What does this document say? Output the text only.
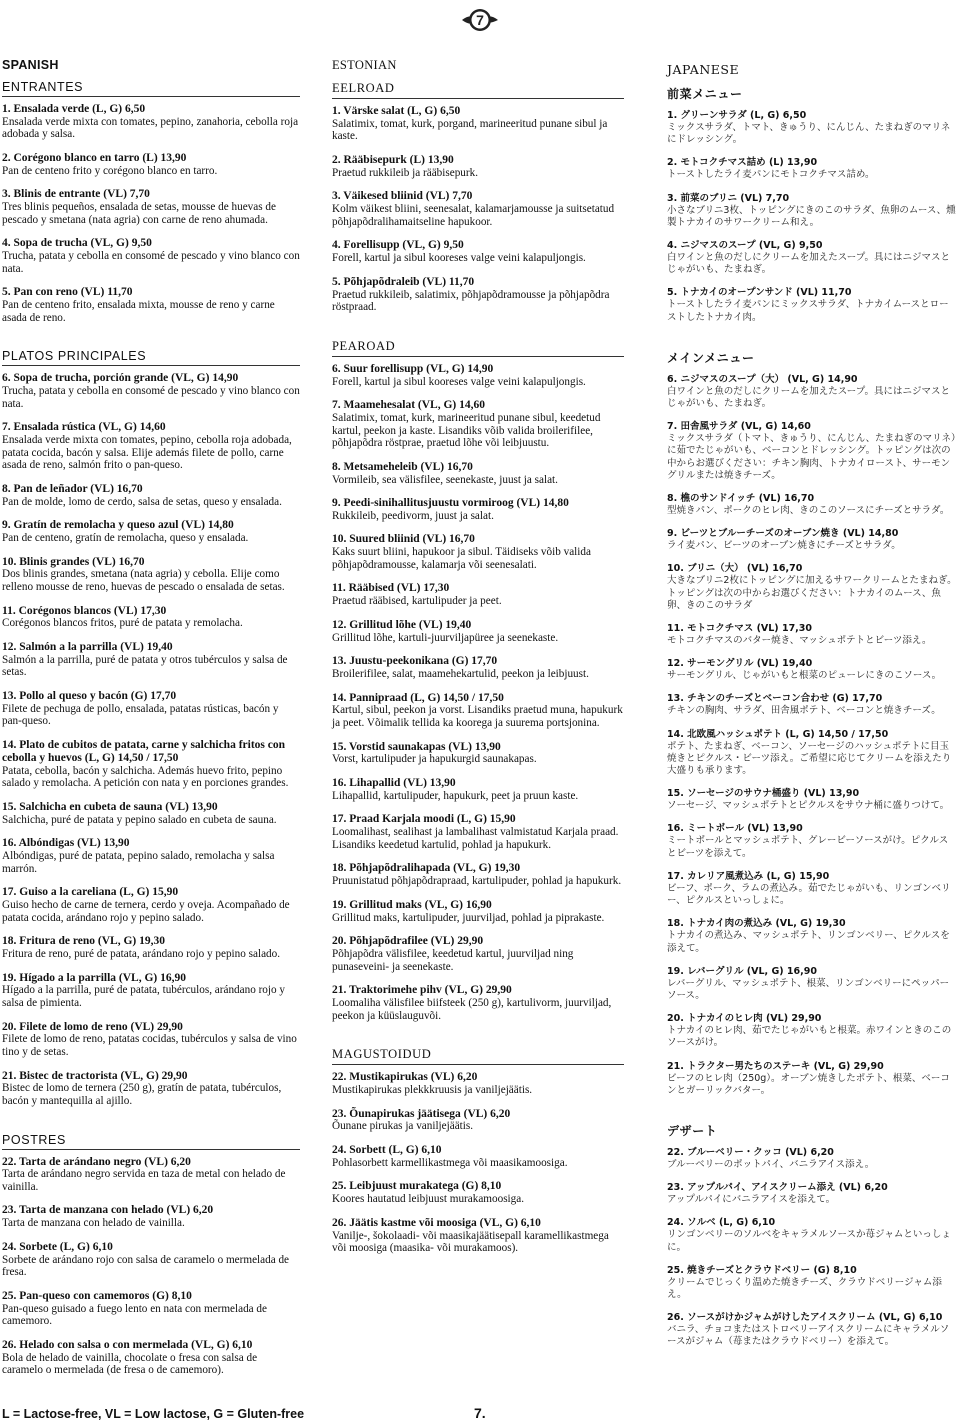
7
SPANISH
ENTRANTES
1. Ensalada verde (L, G) 6,50
Ensalada verde mixta con tomates, pepino, zanahoria, cebolla roja adobada y salsa.
2. Corégono blanco en tarro (L) 13,90
Pan de centeno frito y corégono blanco en tarro.
3. Blinis de entrante (VL) 7,70
Tres blinis pequeños, ensalada de setas, mousse de huevas de pescado y smetana (nata agria) con carne de reno ahumada.
4. Sopa de trucha (VL, G) 9,50
Trucha, patata y cebolla en consomé de pescado y vino blanco con nata.
5. Pan con reno (VL) 11,70
Pan de centeno frito, ensalada mixta, mousse de reno y carne asada de reno.
PLATOS PRINCIPALES
6. Sopa de trucha, porción grande (VL, G) 14,90
Trucha, patata y cebolla en consomé de pescado y vino blanco con nata.
7. Ensalada rústica (VL, G) 14,60
Ensalada verde mixta con tomates, pepino, cebolla roja adobada, patata cocida, bacón y salsa. Elije además filete de pollo, carne asada de reno, salmón frito o pan-queso.
8. Pan de leñador (VL) 16,70
Pan de molde, lomo de cerdo, salsa de setas, queso y ensalada.
9. Gratín de remolacha y queso azul (VL) 14,80
Pan de centeno, gratín de remolacha, queso y ensalada.
10. Blinis grandes (VL) 16,70
Dos blinis grandes, smetana (nata agria) y cebolla. Elije como relleno mousse de reno, huevas de pescado o ensalada de setas.
11. Corégonos blancos (VL) 17,30
Corégonos blancos fritos, puré de patata y remolacha.
12. Salmón a la parrilla (VL) 19,40
Salmón a la parrilla, puré de patata y otros tubérculos y salsa de setas.
13. Pollo al queso y bacón (G) 17,70
Filete de pechuga de pollo, ensalada, patatas rústicas, bacón y pan-queso.
14. Plato de cubitos de patata, carne y salchicha fritos con cebolla y huevos (L, G) 14,50 / 17,50
Patata, cebolla, bacón y salchicha. Además huevo frito, pepino salado y remolacha. A petición con nata y en porciones grandes.
15. Salchicha en cubeta de sauna (VL) 13,90
Salchicha, puré de patata y pepino salado en cubeta de sauna.
16. Albóndigas (VL) 13,90
Albóndigas, puré de patata, pepino salado, remolacha y salsa marrón.
17. Guiso a la careliana (L, G) 15,90
Guiso hecho de carne de ternera, cerdo y oveja. Acompañado de patata cocida, arándano rojo y pepino salado.
18. Fritura de reno (VL, G) 19,30
Fritura de reno, puré de patata, arándano rojo y pepino salado.
19. Hígado a la parrilla (VL, G) 16,90
Hígado a la parrilla, puré de patata, tubérculos, arándano rojo y salsa de pimienta.
20. Filete de lomo de reno (VL) 29,90
Filete de lomo de reno, patatas cocidas, tubérculos y salsa de vino tino y de setas.
21. Bistec de tractorista (VL, G) 29,90
Bistec de lomo de ternera (250 g), gratín de patata, tubérculos, bacón y mantequilla al ajillo.
POSTRES
22. Tarta de arándano negro (VL) 6,20
Tarta de arándano negro servida en taza de metal con helado de vainilla.
23. Tarta de manzana con helado (VL) 6,20
Tarta de manzana con helado de vainilla.
24. Sorbete (L, G) 6,10
Sorbete de arándano rojo con salsa de caramelo o mermelada de fresa.
25. Pan-queso con camemoros (G) 8,10
Pan-queso guisado a fuego lento en nata con mermelada de camemoro.
26. Helado con salsa o con mermelada (VL, G) 6,10
Bola de helado de vainilla, chocolate o fresa con salsa de caramelo o mermelada (de fresa o de camemoro).
ESTONIAN
EELROAD
1. Värske salat (L, G) 6,50
Salatimix, tomat, kurk, porgand, marineeritud punane sibul ja kaste.
2. Rääbisepurk (L) 13,90
Praetud rukkileib ja rääbisepurk.
3. Väikesed bliinid (VL) 7,70
Kolm väikest bliini, seenesalat, kalamarjamousse ja suitsetatud põhjapõdralihamaitseline hapukoor.
4. Forellisupp (VL, G) 9,50
Forell, kartul ja sibul kooreses valge veini kalapuljongis.
5. Põhjapõdraleib (VL) 11,70
Praetud rukkileib, salatimix, põhjapõdramousse ja põhjapõdra röstpraad.
PEAROAD
6. Suur forellisupp (VL, G) 14,90
Forell, kartul ja sibul kooreses valge veini kalapuljongis.
7. Maamehesalat (VL, G) 14,60
Salatimix, tomat, kurk, marineeritud punane sibul, keedetud kartul, peekon ja kaste. Lisandiks võib valida broilerifilee, põhjapõdra röstprae, praetud lõhe või leibjuustu.
8. Metsameheleib (VL) 16,70
Vormileib, sea välisfilee, seenekaste, juust ja salat.
9. Peedi-sinihallitusjuustu vormiroog (VL) 14,80
Rukkileib, peedivorm, juust ja salat.
10. Suured bliinid (VL) 16,70
Kaks suurt bliini, hapukoor ja sibul. Täidiseks võib valida põhjapõdramousse, kalamarja või seenesalati.
11. Rääbised (VL) 17,30
Praetud rääbised, kartulipuder ja peet.
12. Grillitud lõhe (VL) 19,40
Grillitud lõhe, kartuli-juurviljapüree ja seenekaste.
13. Juustu-peekonikana (G) 17,70
Broilerifilee, salat, maamehekartulid, peekon ja leibjuust.
14. Pannipraad (L, G) 14,50 / 17,50
Kartul, sibul, peekon ja vorst. Lisandiks praetud muna, hapukurk ja peet. Võimalik tellida ka koorega ja suurema portsjonina.
15. Vorstid saunakapas (VL) 13,90
Vorst, kartulipuder ja hapukurgid saunakapas.
16. Lihapallid (VL) 13,90
Lihapallid, kartulipuder, hapukurk, peet ja pruun kaste.
17. Praad Karjala moodi (L, G) 15,90
Loomalihast, sealihast ja lambalihast valmistatud Karjala praad. Lisandiks keedetud kartulid, pohlad ja hapukurk.
18. Põhjapõdralihapada (VL, G) 19,30
Pruunistatud põhjapõdrapraad, kartulipuder, pohlad ja hapukurk.
19. Grillitud maks (VL, G) 16,90
Grillitud maks, kartulipuder, juurviljad, pohlad ja piprakaste.
20. Põhjapõdrafilee (VL) 29,90
Põhjapõdra välisfilee, keedetud kartul, juurviljad ning punaseveini- ja seenekaste.
21. Traktorimehe pihv (VL, G) 29,90
Loomaliha välisfilee biifsteek (250 g), kartulivorm, juurviljad, peekon ja küüslauguvõi.
MAGUSTOIDUD
22. Mustikapirukas (VL) 6,20
Mustikapirukas plekkkruusis ja vaniljejäätis.
23. Õunapirukas jäätisega (VL) 6,20
Õunane pirukas ja vaniljejäätis.
24. Sorbett (L, G) 6,10
Pohlasorbett karmellikastmega või maasikamoosiga.
25. Leibjuust murakatega (G) 8,10
Koores hautatud leibjuust murakamoosiga.
26. Jäätis kastme või moosiga (VL, G) 6,10
Vanilje-, šokolaadi- või maasikajäätisepall karamellikastmega või moosiga (maasika- või murakamoos).
JAPANESE
前菜メニュー
1. グリーンサラダ (L, G) 6,50
ミックスサラダ、トマト、きゅうり、にんじん、たまねぎのマリネにドレッシング。
2. モトコクチマス詰め (L) 13,90
トーストしたライ麦パンにモトコクチマス詰め。
3. 前菜のブリニ (VL) 7,70
小さなブリニ3枚、トッピングにきのこのサラダ、魚卵のムース、燻製トナカイのサワークリーム和え。
4. ニジマスのスープ (VL, G) 9,50
白ワインと魚のだしにクリームを加えたスープ。具にはニジマスとじゃがいも、たまねぎ。
5. トナカイのオープンサンド (VL) 11,70
トーストしたライ麦パンにミックスサラダ、トナカイムースとローストしたトナカイ肉。
メインメニュー
6. ニジマスのスープ（大） (VL, G) 14,90
白ワインと魚のだしにクリームを加えたスープ。具にはニジマスとじゃがいも、たまねぎ。
7. 田舎風サラダ (VL, G) 14,60
ミックスサラダ（トマト、きゅうり、にんじん、たまねぎのマリネ）に茹でたじゃがいも、ベーコンとドレッシング。トッピングは次の中からお選びください：チキン胸肉、トナカイロースト、サーモングリルまたは焼きチーズ。
8. 樵のサンドイッチ (VL) 16,70
型焼きパン、ポークのヒレ肉、きのこのソースにチーズとサラダ。
9. ビーツとブルーチーズのオーブン焼き (VL) 14,80
ライ麦パン、ビーツのオーブン焼きにチーズとサラダ。
10. ブリニ（大） (VL) 16,70
大きなブリニ2枚にトッピングに加えるサワークリームとたまねぎ。トッピングは次の中からお選びください：トナカイのムース、魚卵、きのこのサラダ
11. モトコクチマス (VL) 17,30
モトコクチマスのバター焼き、マッシュポテトとビーツ添え。
12. サーモングリル (VL) 19,40
サーモングリル、じゃがいもと根菜のピューレにきのこソース。
13. チキンのチーズとベーコン合わせ (G) 17,70
チキンの胸肉、サラダ、田舎風ポテト、ベーコンと焼きチーズ。
14. 北欧風ハッシュポテト (L, G) 14,50 / 17,50
ポテト、たまねぎ、ベーコン、ソーセージのハッシュポテトに目玉焼きとピクルス・ビーツ添え。ご希望に応じてクリームを添えたり大盛りも承ります。
15. ソーセージのサウナ桶盛り (VL) 13,90
ソーセージ、マッシュポテトとピクルスをサウナ桶に盛りつけて。
16. ミートボール (VL) 13,90
ミートボールとマッシュポテト、グレービーソースがけ。ピクルスとビーツを添えて。
17. カレリア風煮込み (L, G) 15,90
ビーフ、ポーク、ラムの煮込み。茹でたじゃがいも、リンゴンベリー、ピクルスといっしょに。
18. トナカイ肉の煮込み (VL, G) 19,30
トナカイの煮込み、マッシュポテト、リンゴンベリー、ピクルスを添えて。
19. レバーグリル (VL, G) 16,90
レバーグリル、マッシュポテト、根菜、リンゴンベリーにペッパーソース。
20. トナカイのヒレ肉 (VL) 29,90
トナカイのヒレ肉、茹でたじゃがいもと根菜。赤ワインときのこのソースがけ。
21. トラクター男たちのステーキ (VL, G) 29,90
ビーフのヒレ肉（250g）。オーブン焼きしたポテト、根菜、ベーコンとガーリックバター。
デザート
22. ブルーベリー・クッコ (VL) 6,20
ブルーベリーのポットパイ、バニラアイス添え。
23. アップルパイ、アイスクリーム添え (VL) 6,20
アップルパイにバニラアイスを添えて。
24. ソルベ (L, G) 6,10
リンゴンベリーのソルベをキャラメルソースか苺ジャムといっしょに。
25. 焼きチーズとクラウドベリー (G) 8,10
クリームでじっくり温めた焼きチーズ、クラウドベリージャム添え。
26. ソースがけかジャムがけしたアイスクリーム (VL, G) 6,10
バニラ、チョコまたはストロベリーアイスクリームにキャラメルソースがジャム（苺またはクラウドベリー）を添えて。
L = Lactose-free, VL = Low lactose, G = Gluten-free	7.
